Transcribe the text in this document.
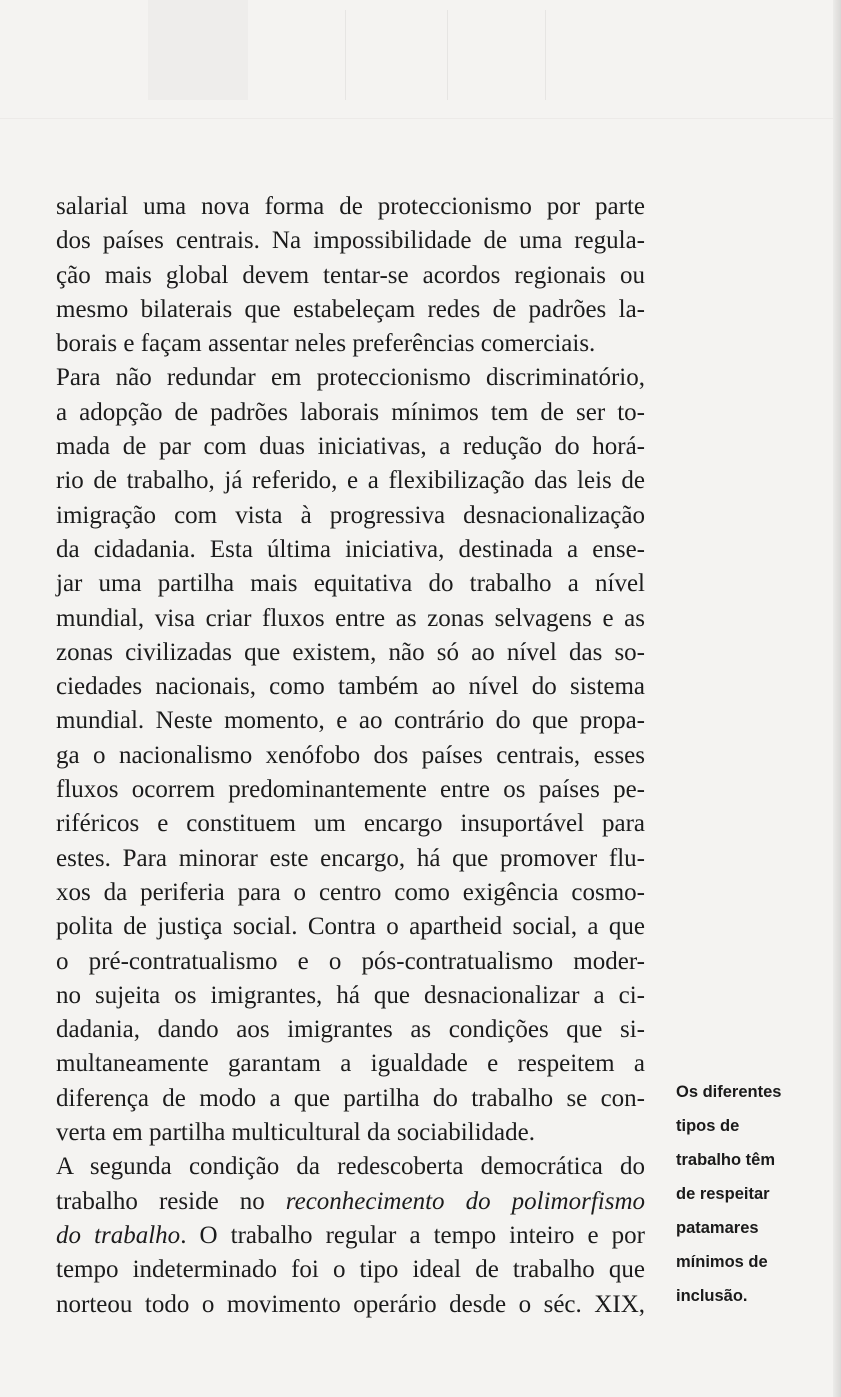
salarial uma nova forma de proteccionismo por parte
dos países centrais. Na impossibilidade de uma regula-
ção mais global devem tentar-se acordos regionais ou
mesmo bilaterais que estabeleçam redes de padrões la-
borais e façam assentar neles preferências comerciais.
Para não redundar em proteccionismo discriminatório,
a adopção de padrões laborais mínimos tem de ser to-
mada de par com duas iniciativas, a redução do horá-
rio de trabalho, já referido, e a flexibilização das leis de
imigração com vista à progressiva desnacionalização
da cidadania. Esta última iniciativa, destinada a ense-
jar uma partilha mais equitativa do trabalho a nível
mundial, visa criar fluxos entre as zonas selvagens e as
zonas civilizadas que existem, não só ao nível das so-
ciedades nacionais, como também ao nível do sistema
mundial. Neste momento, e ao contrário do que propa-
ga o nacionalismo xenófobo dos países centrais, esses
fluxos ocorrem predominantemente entre os países pe-
riféricos e constituem um encargo insuportável para
estes. Para minorar este encargo, há que promover flu-
xos da periferia para o centro como exigência cosmo-
polita de justiça social. Contra o apartheid social, a que
o pré-contratualismo e o pós-contratualismo moder-
no sujeita os imigrantes, há que desnacionalizar a ci-
dadania, dando aos imigrantes as condições que si-
multaneamente garantam a igualdade e respeitem a
diferença de modo a que partilha do trabalho se con-
verta em partilha multicultural da sociabilidade.
A segunda condição da redescoberta democrática do
trabalho reside no reconhecimento do polimorfismo
do trabalho. O trabalho regular a tempo inteiro e por
tempo indeterminado foi o tipo ideal de trabalho que
norteou todo o movimento operário desde o séc. XIX,
Os diferentes
tipos de
trabalho têm
de respeitar
patamares
mínimos de
inclusão.
